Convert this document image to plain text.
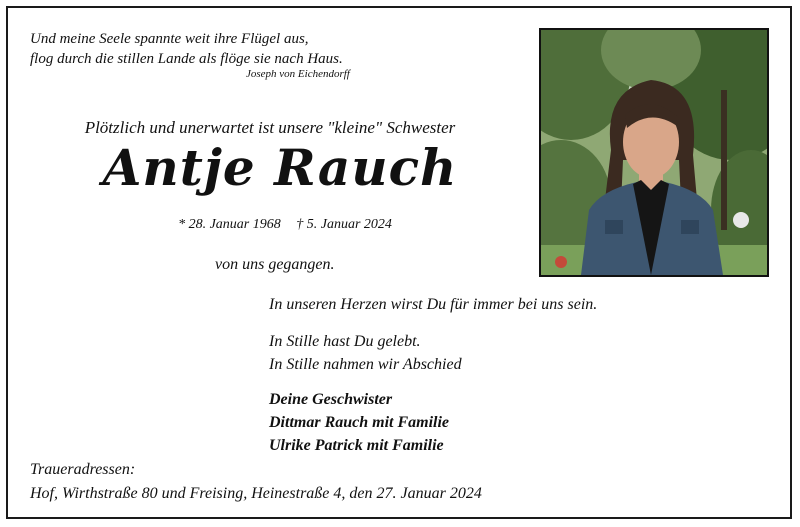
Und meine Seele spannte weit ihre Flügel aus,
flog durch die stillen Lande als flöge sie nach Haus.
Joseph von Eichendorff
Plötzlich und unerwartet ist unsere "kleine" Schwester
Antje Rauch
* 28. Januar 1968 † 5. Januar 2024
von uns gegangen.
In unseren Herzen wirst Du für immer bei uns sein.
In Stille hast Du gelebt.
In Stille nahmen wir Abschied
Deine Geschwister
Dittmar Rauch mit Familie
Ulrike Patrick mit Familie
Traueradressen:
Hof, Wirthstraße 80 und Freising, Heinestraße 4, den 27. Januar 2024
